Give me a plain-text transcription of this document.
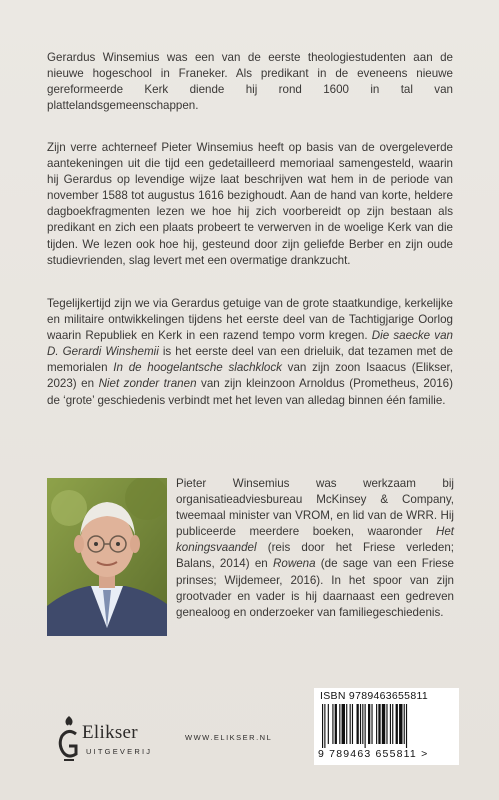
Gerardus Winsemius was een van de eerste theologiestudenten aan de nieuwe hogeschool in Franeker. Als predikant in de eveneens nieuwe gereformeerde Kerk diende hij rond 1600 in tal van plattelandsgemeenschappen.

Zijn verre achterneef Pieter Winsemius heeft op basis van de overgeleverde aantekeningen uit die tijd een gedetailleerd memoriaal samengesteld, waarin hij Gerardus op levendige wijze laat beschrijven wat hem in de periode van november 1588 tot augustus 1616 bezighoudt. Aan de hand van korte, heldere dagboekfragmenten lezen we hoe hij zich voorbereidt op zijn bestaan als predikant en zich een plaats probeert te verwerven in de woelige Kerk van die tijden. We lezen ook hoe hij, gesteund door zijn geliefde Berber en zijn oude studievrienden, slag levert met een overmatige drankzucht.

Tegelijkertijd zijn we via Gerardus getuige van de grote staatkundige, kerkelijke en militaire ontwikkelingen tijdens het eerste deel van de Tachtigjarige Oorlog waarin Republiek en Kerk in een razend tempo vorm kregen. Die saecke van D. Gerardi Winshemii is het eerste deel van een drieluik, dat tezamen met de memorialen In de hoogelantsche slachklock van zijn zoon Isaacus (Elikser, 2023) en Niet zonder tranen van zijn kleinzoon Arnoldus (Prometheus, 2016) de ‘grote’ geschiedenis verbindt met het leven van alledag binnen één familie.

Pieter Winsemius was werkzaam bij organisatieadviesbureau McKinsey & Company, tweemaal minister van VROM, en lid van de WRR. Hij publiceerde meerdere boeken, waaronder Het koningsvaandel (reis door het Friese verleden; Balans, 2014) en Rowena (de sage van een Friese prinses; Wijdemeer, 2016). In het spoor van zijn grootvader en vader is hij daarnaast een gedreven genealoog en onderzoeker van familiegeschiedenis.

Elikser
UITGEVERIJ
WWW.ELIKSER.NL
ISBN 9789463655811
9 789463 655811 >
